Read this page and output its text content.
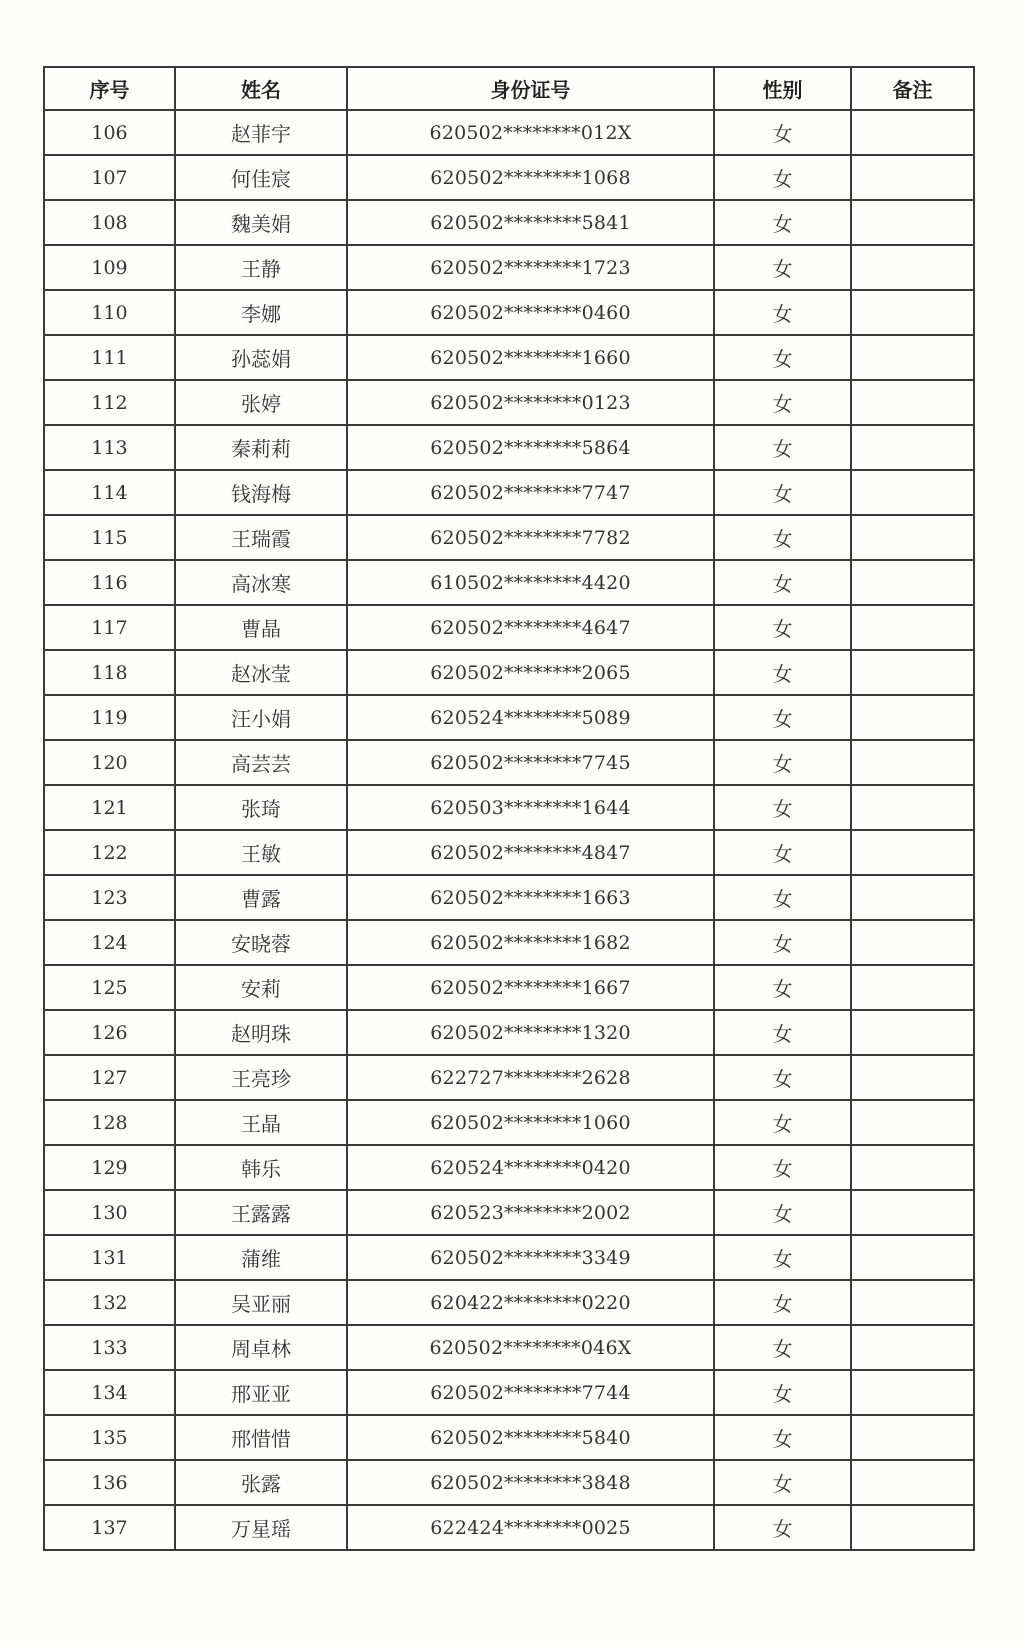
序号	姓名	身份证号	性别	备注
106	赵菲宇	620502********012X	女	
107	何佳宸	620502********1068	女	
108	魏美娟	620502********5841	女	
109	王静	620502********1723	女	
110	李娜	620502********0460	女	
111	孙蕊娟	620502********1660	女	
112	张婷	620502********0123	女	
113	秦莉莉	620502********5864	女	
114	钱海梅	620502********7747	女	
115	王瑞霞	620502********7782	女	
116	高冰寒	610502********4420	女	
117	曹晶	620502********4647	女	
118	赵冰莹	620502********2065	女	
119	汪小娟	620524********5089	女	
120	高芸芸	620502********7745	女	
121	张琦	620503********1644	女	
122	王敏	620502********4847	女	
123	曹露	620502********1663	女	
124	安晓蓉	620502********1682	女	
125	安莉	620502********1667	女	
126	赵明珠	620502********1320	女	
127	王亮珍	622727********2628	女	
128	王晶	620502********1060	女	
129	韩乐	620524********0420	女	
130	王露露	620523********2002	女	
131	蒲维	620502********3349	女	
132	吴亚丽	620422********0220	女	
133	周卓林	620502********046X	女	
134	邢亚亚	620502********7744	女	
135	邢惜惜	620502********5840	女	
136	张露	620502********3848	女	
137	万星瑶	622424********0025	女	
